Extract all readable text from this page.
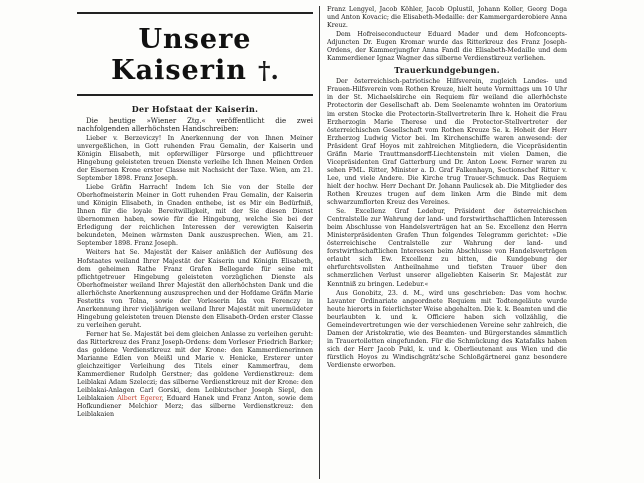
Unsere Kaiserin †.
Der Hofstaat der Kaiserin.

Die heutige »Wiener Ztg.« veröffentlicht die zwei nachfolgenden allerhöchsten Handschreiben:

Lieber v. Berzeviczy! In Anerkennung der von Ihnen Meiner unvergeßlichen, in Gott ruhenden Frau Gemalin, der Kaiserin und Königin Elisabeth, mit opferwilliger Fürsorge und pflichttreuer Hingebung geleisteten treuen Dienste verleihe Ich Ihnen Meinen Orden der Eisernen Krone erster Classe mit Nachsicht der Taxe. Wien, am 21. September 1898. Franz Joseph.

Liebe Gräfin Harrach! Indem Ich Sie von der Stelle der Oberhofmeisterin Meiner in Gott ruhenden Frau Gemalin, der Kaiserin und Königin Elisabeth, in Gnaden enthebe, ist es Mir ein Bedürfniß, Ihnen für die loyale Bereitwilligkeit, mit der Sie diesen Dienst übernommen haben, sowie für die Hingebung, welche Sie bei der Erledigung der reichlichen Interessen der verewigten Kaiserin bekundeten, Meinen wärmsten Dank auszusprechen. Wien, am 21. September 1898. Franz Joseph.

Weiters hat Se. Majestät der Kaiser anläßlich der Auflösung des Hofstaates weiland Ihrer Majestät der Kaiserin und Königin Elisabeth, dem geheimen Rathe Franz Grafen Bellegarde für seine mit pflichtgetreuer Hingebung geleisteten vorzüglichen Dienste als Oberhofmeister weiland Ihrer Majestät den allerhöchsten Dank und die allerhöchste Anerkennung auszusprechen und der Hofdame Gräfin Marie Festetits von Tolna, sowie der Vorleserin Ida von Ferenczy in Anerkennung ihrer vieljährigen weiland Ihrer Majestät mit unermüdeter Hingebung geleisteten treuen Dienste den Elisabeth-Orden erster Classe zu verleihen geruht.

Ferner hat Se. Majestät bei dem gleichen Anlasse zu verleihen geruht: das Ritterkreuz des Franz Joseph-Ordens: dem Vorleser Friedrich Barker; das goldene Verdienstkreuz mit der Krone: den Kammerdienerinnen Marianne Edlen von Meißl und Marie v. Henicke, Ersterer unter gleichzeitiger Verleihung des Titels einer Kammerfrau, dem Kammerdiener Rudolph Gerstner; das goldene Verdienstkreuz: dem Leiblakai Adam Szeleczi; das silberne Verdienstkreuz mit der Krone: den Leiblakai-Anlagen Carl Gorski, dem Leibkutscher Joseph Siepl, den Leiblakaien Albert Egerer, Eduard Hanek und Franz Anton, sowie dem Hofkundiener Melchior Merz; das silberne Verdienstkreuz: den Leiblakaien

Franz Lengyel, Jacob Köhler, Jacob Oplustil, Johann Koller, Georg Doga und Anton Kovacic; die Elisabeth-Medaille: der Kammergarderobiere Anna Kreuz.

Dem Hofreiseconducteur Eduard Mader und dem Hofconcepts-Adjuncten Dr. Eugen Kromar wurde das Ritterkreuz des Franz Joseph-Ordens, der Kammerjungfer Anna Fandl die Elisabeth-Medaille und dem Kammerdiener Ignaz Wagner das silberne Verdienstkreuz verliehen.

Trauerkundgebungen.

Der österreichisch-patriotische Hilfsverein, zugleich Landes- und Frauen-Hilfsverein vom Rothen Kreuze, hielt heute Vormittags um 10 Uhr in der St. Michaelskirche ein Requiem für weiland die allerhöchste Protectorin der Gesellschaft ab. Dem Seelenamte wohnten im Oratorium im ersten Stocke die Protectorin-Stellvertreterin Ihre k. Hoheit die Frau Erzherzogin Marie Therese und die Protector-Stellvertreter der österreichischen Gesellschaft vom Rothen Kreuze Se. k. Hoheit der Herr Erzherzog Ludwig Victor bei. Im Kirchenschiffe waren anwesend: der Präsident Graf Hoyos mit zahlreichen Mitgliedern, die Vicepräsidentin Gräfin Marie Trauttmansdorff-Liechtenstein mit vielen Damen, die Vicepräsidenten Graf Gatterburg und Dr. Anton Loew. Ferner waren zu sehen FML. Ritter, Minister a. D. Graf Falkenhayn, Sectionschef Ritter v. Lee, und viele Andere. Die Kirche trug Trauer-Schmuck. Das Requiem hielt der hochw. Herr Dechant Dr. Johann Paulicsek ab. Die Mitglieder des Rothen Kreuzes trugen auf dem linken Arm die Binde mit dem schwarzumflorten Kreuz des Vereines.

Se. Excellenz Graf Ledebur, Präsident der österreichischen Centralstelle zur Wahrung der land- und forstwirthschaftlichen Interessen beim Abschlusse von Handelsverträgen hat an Se. Excellenz den Herrn Ministerpräsidenten Grafen Thun folgendes Telegramm gerichtet: »Die österreichische Centralstelle zur Wahrung der land- und forstwirthschaftlichen Interessen beim Abschlusse von Handelsverträgen erlaubt sich Ew. Excellenz zu bitten, die Kundgebung der ehrfurchtsvollsten Antheilnahme und tiefsten Trauer über den schmerzlichen Verlust unserer allgeliebten Kaiserin Sr. Majestät zur Kenntniß zu bringen. Ledebur.«

Aus Gonobitz, 23. d. M., wird uns geschrieben: Das vom hochw. Lavanter Ordinariate angeordnete Requiem mit Todtengeläute wurde heute hierorts in feierlichster Weise abgehalten. Die k. k. Beamten und die beurlaubten k. und k. Officiere haben sich vollzählig, die Gemeindevertretungen wie der verschiedenen Vereine sehr zahlreich, die Damen der Aristokratie, wie des Beamten- und Bürgerstandes sämmtlich in Trauertoiletten eingefunden. Für die Schmückung des Katafalks haben sich der Herr Jacob Pukl, k. und k. Oberlieutenant aus Wien und die fürstlich Hoyos zu Windischgrätz'sche Schloßgärtnerei ganz besondere Verdienste erworben.
